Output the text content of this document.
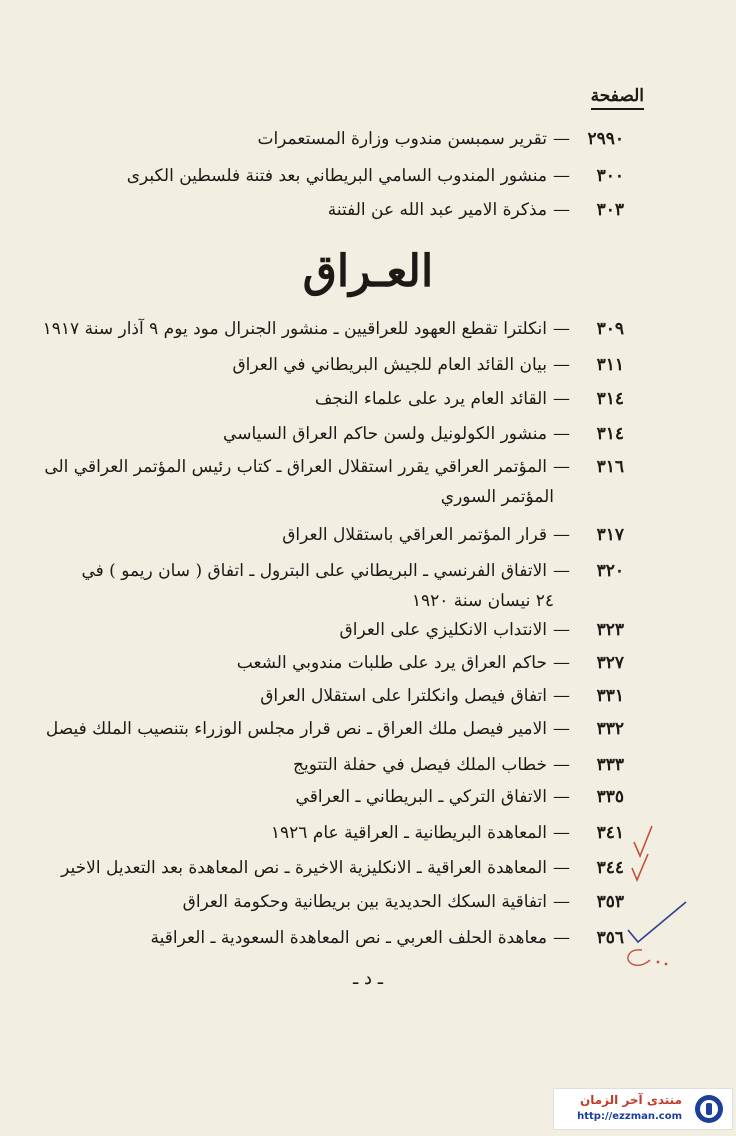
الصفحة
العـراق
ـ د ـ
منتدى آخر الزمان
http://ezzman.com
٢٩٩٠—تقرير سمبسن مندوب وزارة المستعمرات
٣٠٠—منشور المندوب السامي البريطاني بعد فتنة فلسطين الكبرى
٣٠٣—مذكرة الامير عبد الله عن الفتنة
٣٠٩—انكلترا تقطع العهود للعراقيين ـ منشور الجنرال مود يوم ٩ آذار سنة ١٩١٧
٣١١—بيان القائد العام للجيش البريطاني في العراق
٣١٤—القائد العام يرد على علماء النجف
٣١٤—منشور الكولونيل ولسن حاكم العراق السياسي
٣١٦—المؤتمر العراقي يقرر استقلال العراق ـ كتاب رئيس المؤتمر العراقي الى
المؤتمر السوري
٣١٧—قرار المؤتمر العراقي باستقلال العراق
٣٢٠—الاتفاق الفرنسي ـ البريطاني على البترول ـ اتفاق ( سان ريمو ) في
٢٤ نيسان سنة ١٩٢٠
٣٢٣—الانتداب الانكليزي على العراق
٣٢٧—حاكم العراق يرد على طلبات مندوبي الشعب
٣٣١—اتفاق فيصل وانكلترا على استقلال العراق
٣٣٢—الامير فيصل ملك العراق ـ نص قرار مجلس الوزراء بتنصيب الملك فيصل
٣٣٣—خطاب الملك فيصل في حفلة التتويج
٣٣٥—الاتفاق التركي ـ البريطاني ـ العراقي
٣٤١—المعاهدة البريطانية ـ العراقية عام ١٩٢٦
٣٤٤—المعاهدة العراقية ـ الانكليزية الاخيرة ـ نص المعاهدة بعد التعديل الاخير
٣٥٣—اتفاقية السكك الحديدية بين بريطانية وحكومة العراق
٣٥٦—معاهدة الحلف العربي ـ نص المعاهدة السعودية ـ العراقية
